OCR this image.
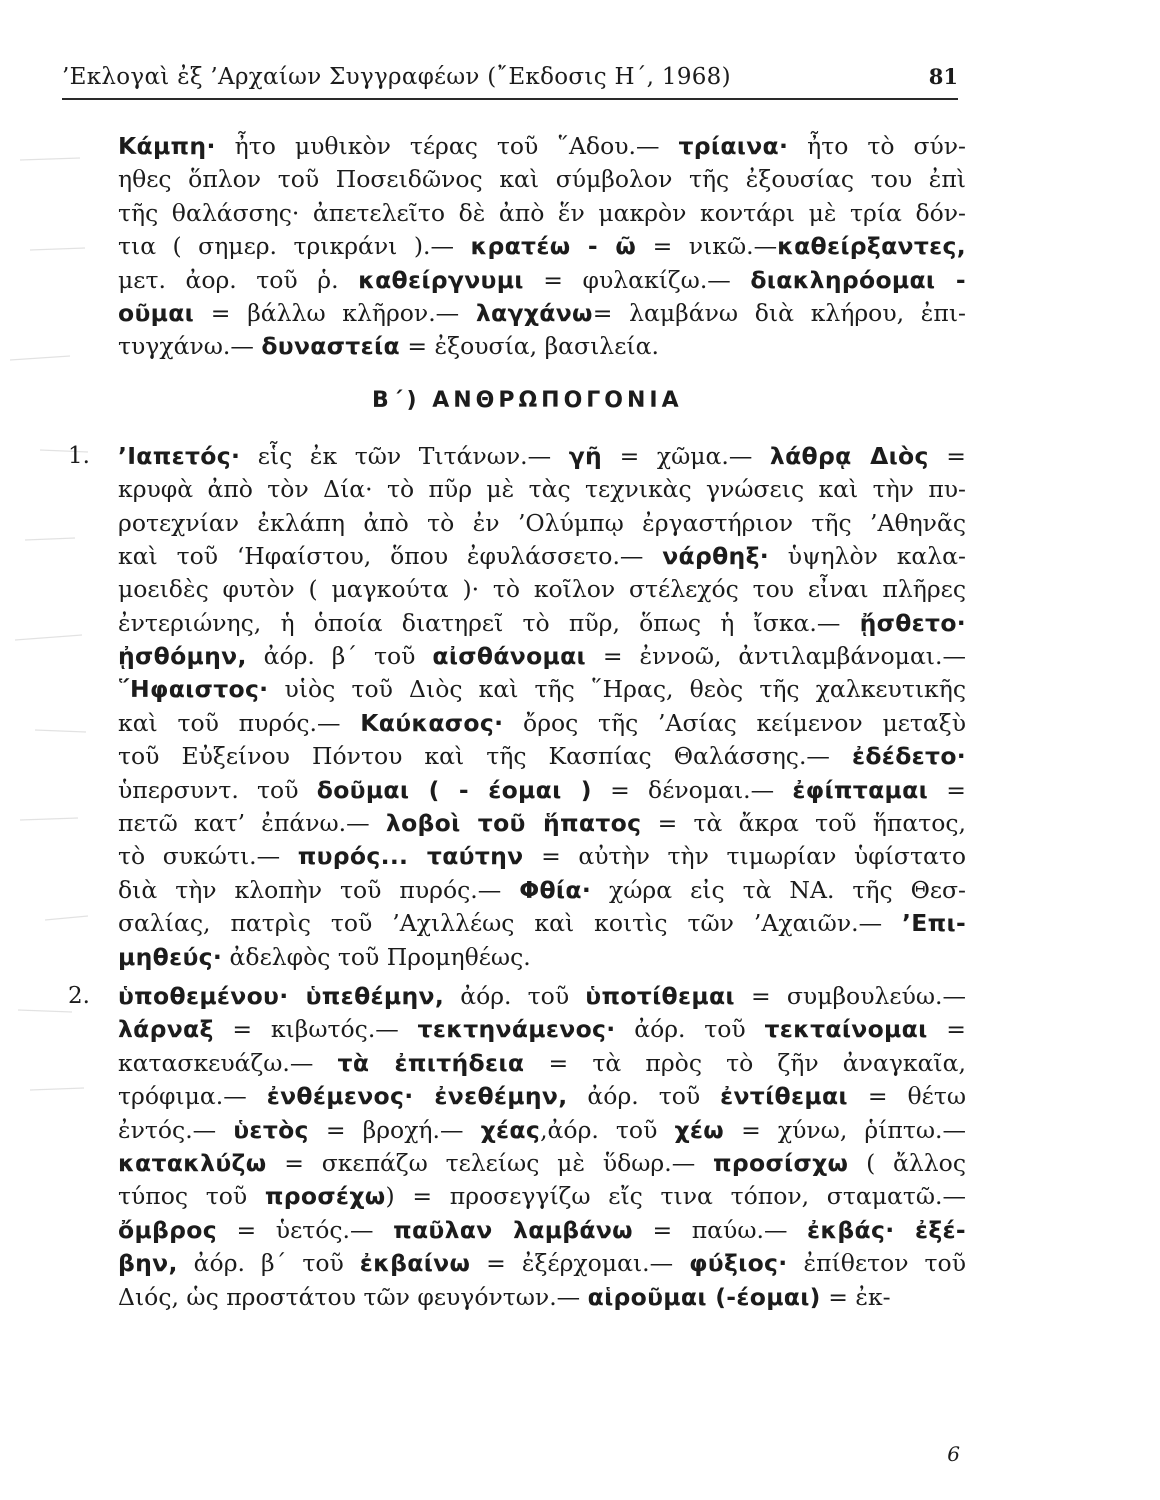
’Εκλογαὶ ἐξ ’Αρχαίων Συγγραφέων (῎Εκδοσις Η΄, 1968)	81
Κάμπη· ἦτο μυθικὸν τέρας τοῦ ῞Αδου.— τρίαινα· ἦτο τὸ σύν-
ηθες ὅπλον τοῦ Ποσειδῶνος καὶ σύμβολον τῆς ἐξουσίας του ἐπὶ
τῆς θαλάσσης· ἀπετελεῖτο δὲ ἀπὸ ἕν μακρὸν κοντάρι μὲ τρία δόν-
τια ( σημερ. τρικράνι ).— κρατέω - ῶ = νικῶ.—καθείρξαντες,
μετ. ἀορ. τοῦ ῥ. καθείργνυμι = φυλακίζω.— διακληρόομαι -
οῦμαι = βάλλω κλῆρον.— λαγχάνω= λαμβάνω διὰ κλήρου, ἐπι-
τυγχάνω.— δυναστεία = ἐξουσία, βασιλεία.
Β΄) ΑΝΘΡΩΠΟΓΟΝΙΑ
1. ’Ιαπετός· εἷς ἐκ τῶν Τιτάνων.— γῆ = χῶμα.— λάθρᾳ Διὸς =
κρυφὰ ἀπὸ τὸν Δία· τὸ πῦρ μὲ τὰς τεχνικὰς γνώσεις καὶ τὴν πυ-
ροτεχνίαν ἐκλάπη ἀπὸ τὸ ἐν ’Ολύμπῳ ἐργαστήριον τῆς ’Αθηνᾶς
καὶ τοῦ ‘Ηφαίστου, ὅπου ἐφυλάσσετο.— νάρθηξ· ὑψηλὸν καλα-
μοειδὲς φυτὸν ( μαγκούτα )· τὸ κοῖλον στέλεχός του εἶναι πλῆρες
ἐντεριώνης, ἡ ὁποία διατηρεῖ τὸ πῦρ, ὅπως ἡ ἴσκα.— ᾔσθετο·
ᾐσθόμην, ἀόρ. β΄ τοῦ αἰσθάνομαι = ἐννοῶ, ἀντιλαμβάνομαι.—
῞Ηφαιστος· υἱὸς τοῦ Διὸς καὶ τῆς ῞Ηρας, θεὸς τῆς χαλκευτικῆς
καὶ τοῦ πυρός.— Καύκασος· ὄρος τῆς ’Ασίας κείμενον μεταξὺ
τοῦ Εὐξείνου Πόντου καὶ τῆς Κασπίας Θαλάσσης.— ἐδέδετο·
ὑπερσυντ. τοῦ δοῦμαι ( - έομαι ) = δένομαι.— ἐφίπταμαι =
πετῶ κατ’ ἐπάνω.— λοβοὶ τοῦ ἥπατος = τὰ ἄκρα τοῦ ἥπατος,
τὸ συκώτι.— πυρός... ταύτην = αὐτὴν τὴν τιμωρίαν ὑφίστατο
διὰ τὴν κλοπὴν τοῦ πυρός.— Φθία· χώρα εἰς τὰ ΝΑ. τῆς Θεσ-
σαλίας, πατρὶς τοῦ ’Αχιλλέως καὶ κοιτὶς τῶν ’Αχαιῶν.— ’Επι-
μηθεύς· ἀδελφὸς τοῦ Προμηθέως.
2. ὑποθεμένου· ὑπεθέμην, ἀόρ. τοῦ ὑποτίθεμαι = συμβουλεύω.—
λάρναξ = κιβωτός.— τεκτηνάμενος· ἀόρ. τοῦ τεκταίνομαι =
κατασκευάζω.— τὰ ἐπιτήδεια = τὰ πρὸς τὸ ζῆν ἀναγκαῖα,
τρόφιμα.— ἐνθέμενος· ἐνεθέμην, ἀόρ. τοῦ ἐντίθεμαι = θέτω
ἐντός.— ὑετὸς = βροχή.— χέας,ἀόρ. τοῦ χέω = χύνω, ῥίπτω.—
κατακλύζω = σκεπάζω τελείως μὲ ὕδωρ.— προσίσχω ( ἄλλος
τύπος τοῦ προσέχω) = προσεγγίζω εἴς τινα τόπον, σταματῶ.—
ὄμβρος = ὑετός.— παῦλαν λαμβάνω = παύω.— ἐκβάς· ἐξέ-
βην, ἀόρ. β΄ τοῦ ἐκβαίνω = ἐξέρχομαι.— φύξιος· ἐπίθετον τοῦ
Διός, ὡς προστάτου τῶν φευγόντων.— αἱροῦμαι (-έομαι) = ἐκ-
6
